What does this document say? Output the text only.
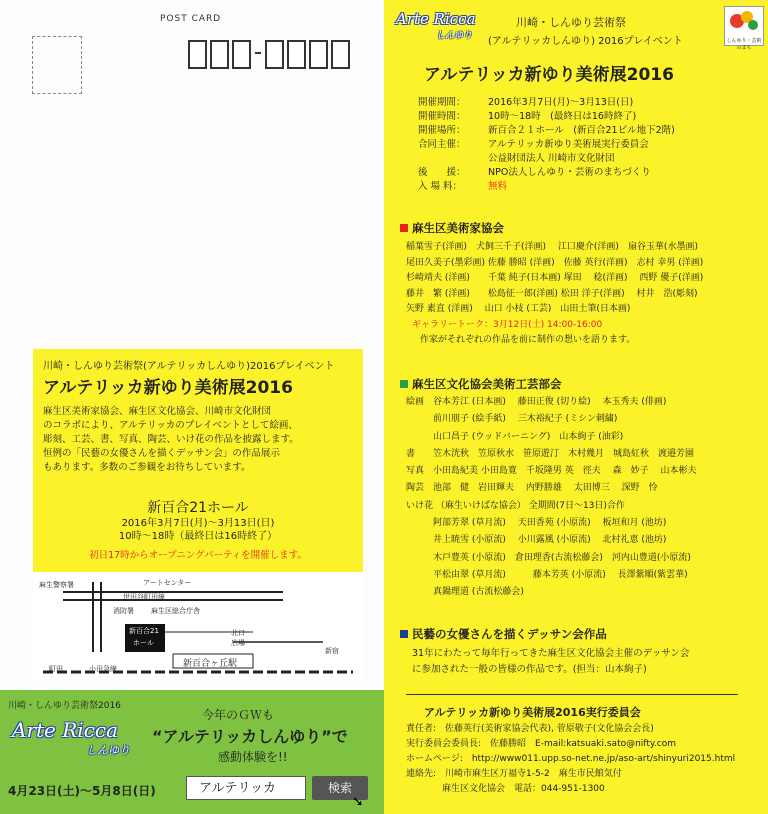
POST CARD
川崎・しんゆり芸術祭(アルテリッカしんゆり)2016プレイベント
アルテリッカ新ゆり美術展2016
麻生区美術家協会、麻生区文化協会、川崎市文化財団
のコラボにより、アルテリッカのプレイベントとして絵画、
彫刻、工芸、書、写真、陶芸、いけ花の作品を披露します。
恒例の「民藝の女優さんを描くデッサン会」の作品展示
もあります。多数のご参観をお待ちしています。
新百合21ホール
2016年3月7日(月)〜3月13日(日)
10時〜18時（最終日は16時終了）
初日17時からオープニングパーティを開催します。
麻生警察署	アートセンター
世田谷町田線
消防署 麻生区総合庁舎
新百合21
ホール
北口
広場
新宿
新百合ヶ丘駅
町田	小田急線
川崎・しんゆり芸術祭2016
Arte Ricca
しんゆり
今年のＧＷも
“アルテリッカしんゆり”で
感動体験を!!
4月23日(土)〜5月8日(日)	アルテリッカ	検索
➘
Arte Ricca
しんゆり
川崎・しんゆり芸術祭
(アルテリッカしんゆり) 2016プレイベント	しんゆり・芸術のまち
アルテリッカ新ゆり美術展2016
開催期間：	2016年3月7日(月)〜3月13日(日)
開催時間：	10時〜18時　(最終日は16時終了)
開催場所：	新百合２１ホール　(新百合21ビル地下2階)
合同主催：	アルテリッカ新ゆり美術展実行委員会
公益財団法人 川崎市文化財団
後　　援：	NPO法人しんゆり・芸術のまちづくり
入 場 料：	無料
麻生区美術家協会
稲葉雪子(洋画)　犬飼三千子(洋画)　 江口慶介(洋画)　扇谷玉華(水墨画)
尾田久美子(墨彩画) 佐藤 勝昭 (洋画)　佐藤 英行(洋画)　志村 幸男 (洋画)
杉崎靖夫 (洋画)　　千葉 純子(日本画) 塚田　 稔(洋画)　 西野 優子(洋画)
藤井　繁 (洋画)　　松島征一郎(洋画) 松田 洋子(洋画)　 村井　浩(彫刻)
矢野 素直 (洋画)　 山口 小枝 (工芸)　山田土筆(日本画)
ギャラリートーク：3月12日(土) 14:00-16:00
作家がそれぞれの作品を前に制作の想いを語ります。
麻生区文化協会美術工芸部会
絵画　谷本芳江 (日本画)　 藤田正俊 (切り絵)　 本玉秀夫 (俳画)
　　　前川朋子 (絵手紙)　 三木裕紀子 (ミシン刺繍)
　　　山口昌子 (ウッドバーニング)　山本絢子 (油彩)
書　　笠木洸秋　笠原秋水　笹原遊汀　木村幾月　城島紅秋　渡邉芳園
写真　小田島紀美 小田島寛　千坂隆男 英　徑夫　 森　妙子　 山本彬夫
陶芸　池部　健　岩田輝夫　 内野勝雄　 太田博三　 深野　怜
いけ花 （麻生いけばな協会） 全期間(7日〜13日)合作
　　　阿部芳翠 (草月流)　 天田香苑 (小原流)　 板垣和月 (池坊)
　　　井上暁雪 (小原流)　 小川露風 (小原流)　 北村礼恵 (池坊)
　　　木戸豊英 (小原流)　倉田理香(古流松藤会)　河内山豊道(小原流)
　　　平松由翠 (草月流)　　　藤本芳英 (小原流)　 長澤紫順(紫雲華)
　　　真鍋理道 (古流松藤会)
民藝の女優さんを描くデッサン会作品
31年にわたって毎年行ってきた麻生区文化協会主催のデッサン会
に参加された一般の皆様の作品です。(担当：山本絢子)
アルテリッカ新ゆり美術展2016実行委員会
責任者:　佐藤英行(美術家協会代表), 菅原敬子(文化協会会長)
実行委員会委員長:　佐藤勝昭　E-mail:katsuaki.sato@nifty.com
ホームページ:　http://www011.upp.so-net.ne.jp/aso-art/shinyuri2015.html
連絡先:　川崎市麻生区万福寺1-5-2　麻生市民館気付
　　　　麻生区文化協会　電話：044-951-1300
